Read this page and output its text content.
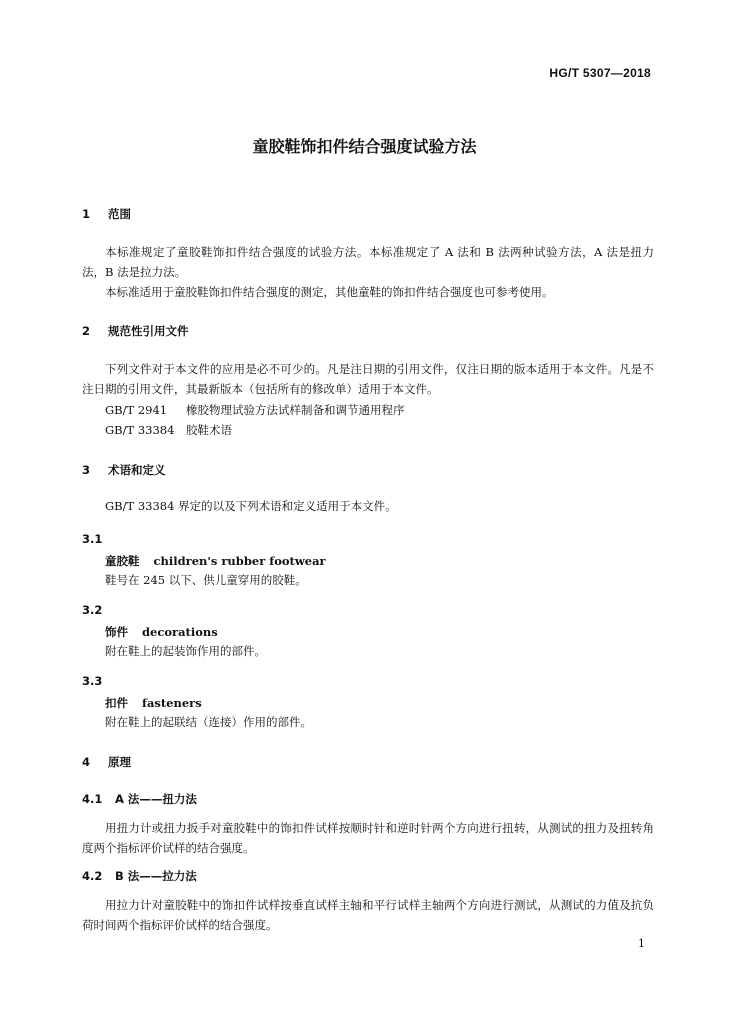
HG/T 5307—2018
童胶鞋饰扣件结合强度试验方法
1 范围
本标准规定了童胶鞋饰扣件结合强度的试验方法。本标准规定了 A 法和 B 法两种试验方法，A 法是扭力法，B 法是拉力法。
本标准适用于童胶鞋饰扣件结合强度的测定，其他童鞋的饰扣件结合强度也可参考使用。
2 规范性引用文件
下列文件对于本文件的应用是必不可少的。凡是注日期的引用文件，仅注日期的版本适用于本文件。凡是不注日期的引用文件，其最新版本（包括所有的修改单）适用于本文件。
GB/T 2941 橡胶物理试验方法试样制备和调节通用程序
GB/T 33384 胶鞋术语
3 术语和定义
GB/T 33384 界定的以及下列术语和定义适用于本文件。
3.1
童胶鞋 children's rubber footwear
鞋号在 245 以下、供儿童穿用的胶鞋。
3.2
饰件 decorations
附在鞋上的起装饰作用的部件。
3.3
扣件 fasteners
附在鞋上的起联结（连接）作用的部件。
4 原理
4.1 A 法——扭力法
用扭力计或扭力扳手对童胶鞋中的饰扣件试样按顺时针和逆时针两个方向进行扭转，从测试的扭力及扭转角度两个指标评价试样的结合强度。
4.2 B 法——拉力法
用拉力计对童胶鞋中的饰扣件试样按垂直试样主轴和平行试样主轴两个方向进行测试，从测试的力值及抗负荷时间两个指标评价试样的结合强度。
1
